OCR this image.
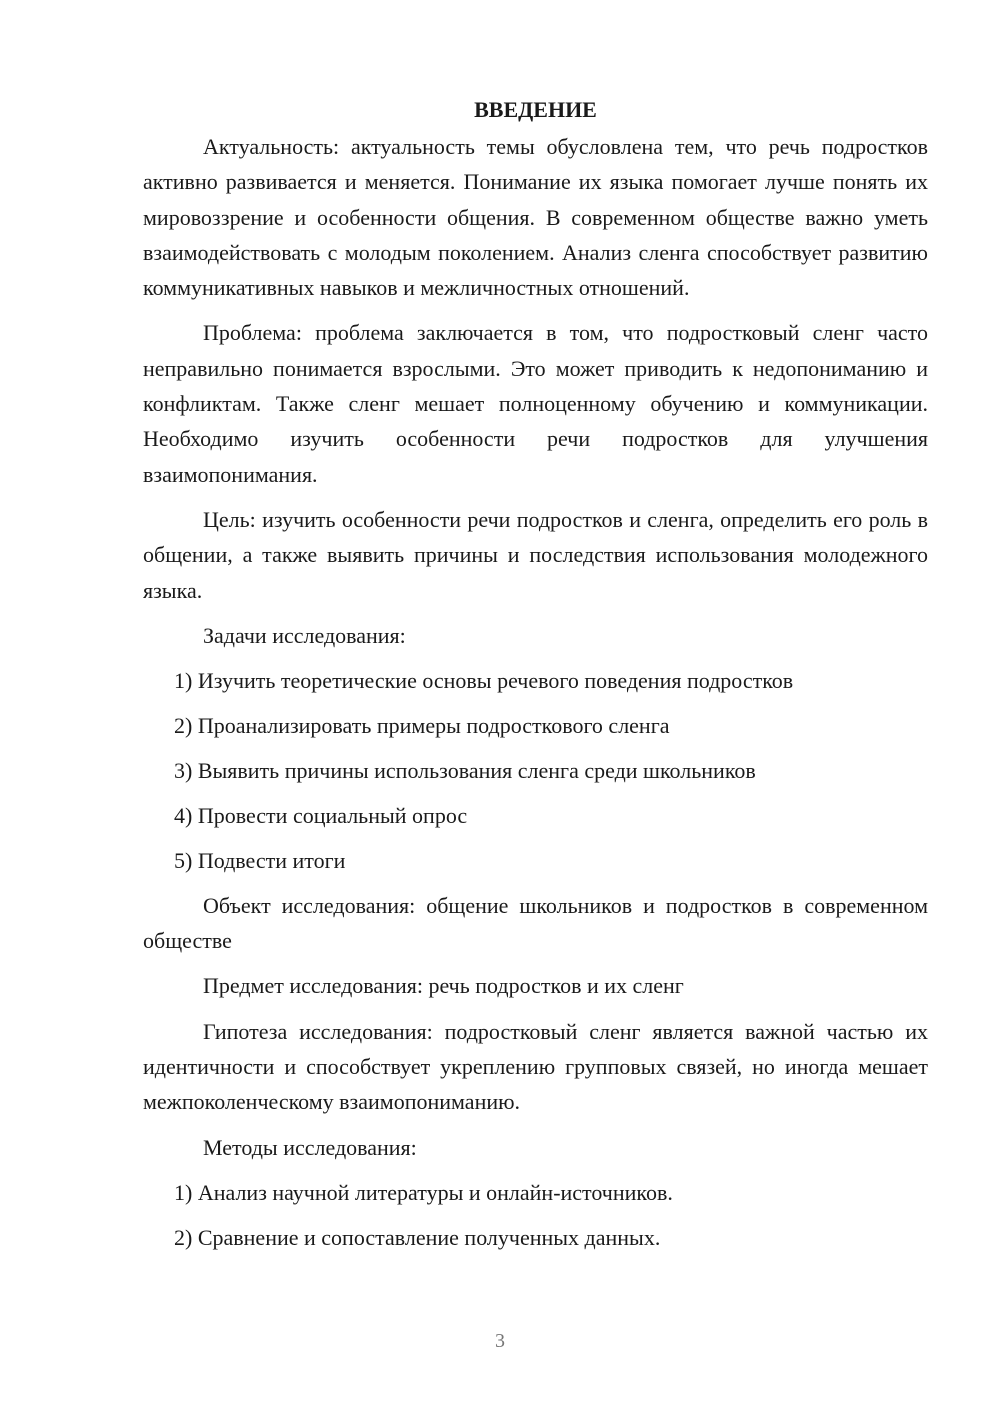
ВВЕДЕНИЕ

Актуальность: актуальность темы обусловлена тем, что речь подростков активно развивается и меняется. Понимание их языка помогает лучше понять их мировоззрение и особенности общения. В современном обществе важно уметь взаимодействовать с молодым поколением. Анализ сленга способствует развитию коммуникативных навыков и межличностных отношений.

Проблема: проблема заключается в том, что подростковый сленг часто неправильно понимается взрослыми. Это может приводить к недопониманию и конфликтам. Также сленг мешает полноценному обучению и коммуникации. Необходимо изучить особенности речи подростков для улучшения взаимопонимания.

Цель: изучить особенности речи подростков и сленга, определить его роль в общении, а также выявить причины и последствия использования молодежного языка.

Задачи исследования:

1) Изучить теоретические основы речевого поведения подростков

2) Проанализировать примеры подросткового сленга

3) Выявить причины использования сленга среди школьников

4) Провести социальный опрос

5) Подвести итоги

Объект исследования: общение школьников и подростков в современном обществе

Предмет исследования: речь подростков и их сленг

Гипотеза исследования: подростковый сленг является важной частью их идентичности и способствует укреплению групповых связей, но иногда мешает межпоколенческому взаимопониманию.

Методы исследования:

1) Анализ научной литературы и онлайн-источников.

2) Сравнение и сопоставление полученных данных.

3
